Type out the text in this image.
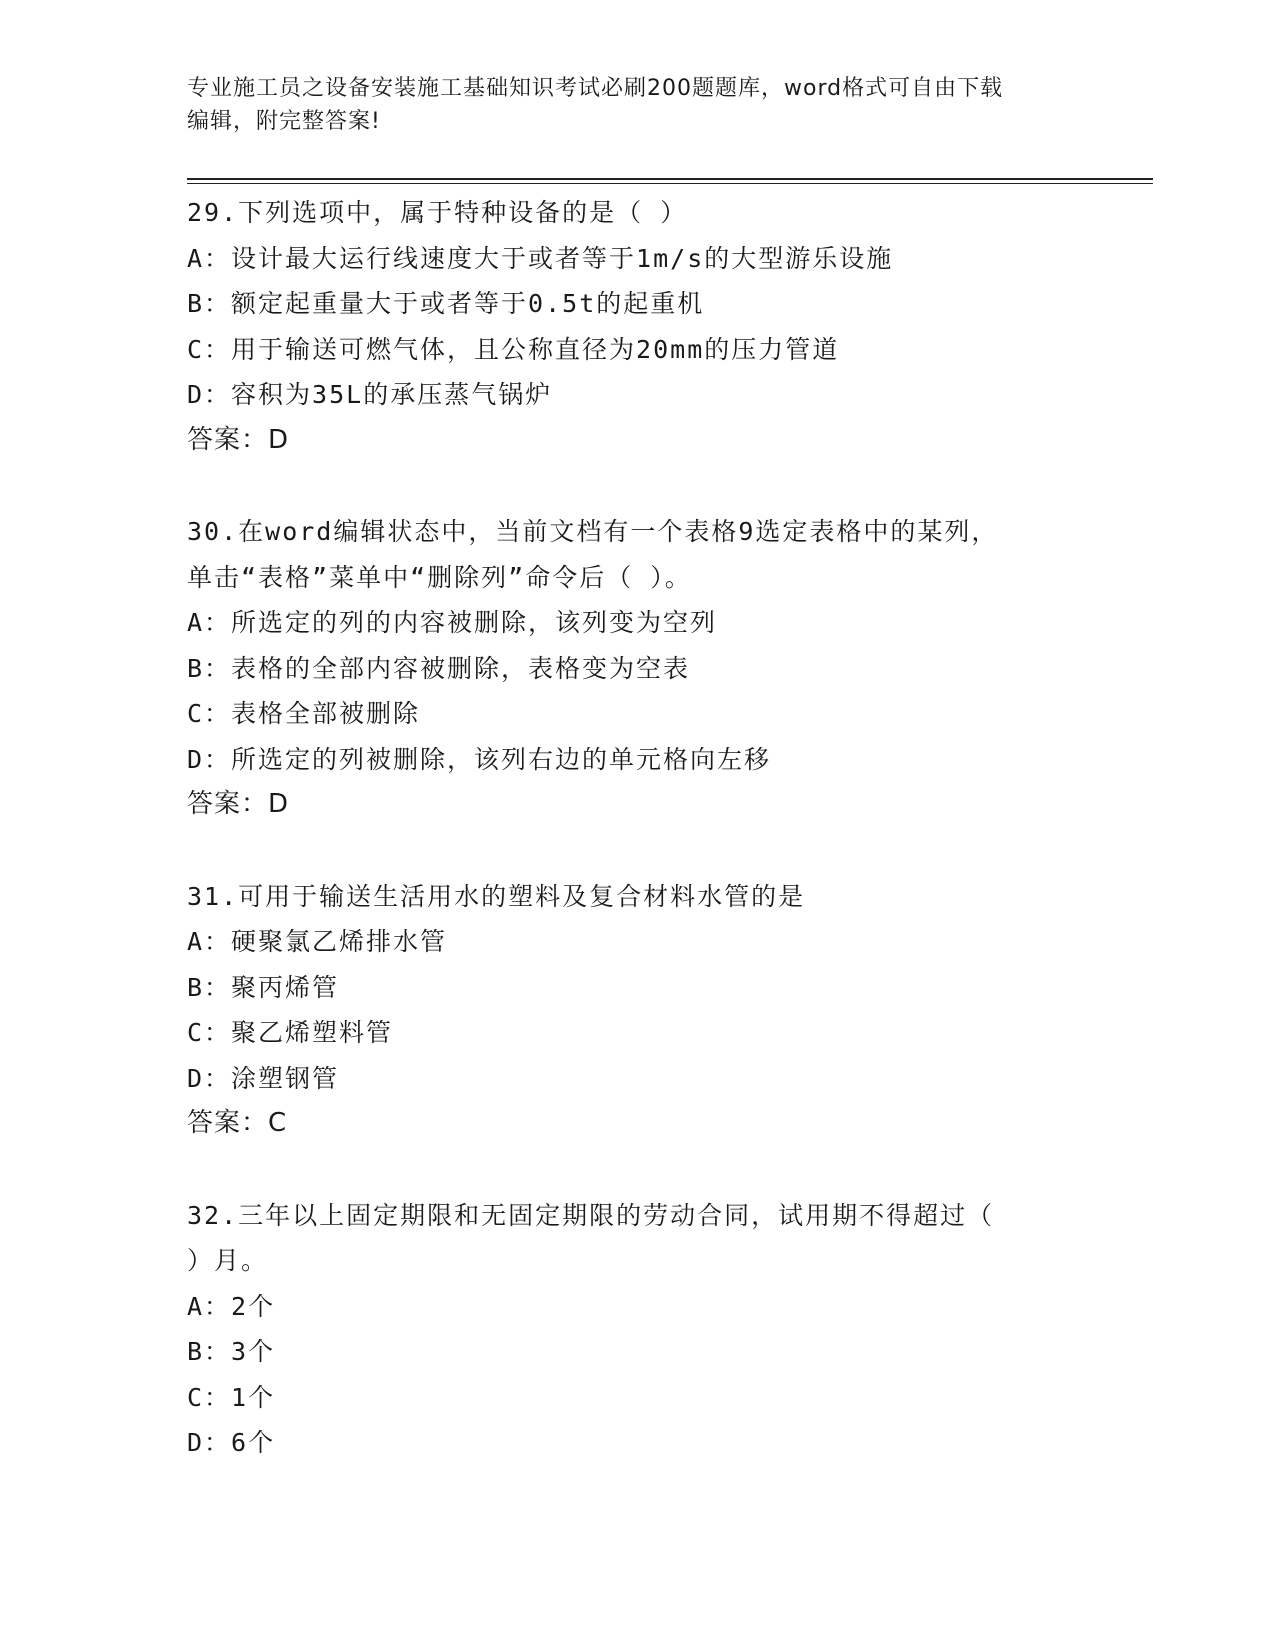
专业施工员之设备安装施工基础知识考试必刷200题题库，word格式可自由下载
编辑，附完整答案!
29.下列选项中，属于特种设备的是（ ）
A：设计最大运行线速度大于或者等于1m/s的大型游乐设施
B：额定起重量大于或者等于0.5t的起重机
C：用于输送可燃气体，且公称直径为20mm的压力管道
D：容积为35L的承压蒸气锅炉
答案：D
30.在word编辑状态中，当前文档有一个表格9选定表格中的某列，
单击“表格”菜单中“删除列”命令后（ ）。
A：所选定的列的内容被删除，该列变为空列
B：表格的全部内容被删除，表格变为空表
C：表格全部被删除
D：所选定的列被删除，该列右边的单元格向左移
答案：D
31.可用于输送生活用水的塑料及复合材料水管的是
A：硬聚氯乙烯排水管
B：聚丙烯管
C：聚乙烯塑料管
D：涂塑钢管
答案：C
32.三年以上固定期限和无固定期限的劳动合同，试用期不得超过（
）月。
A：2个
B：3个
C：1个
D：6个
